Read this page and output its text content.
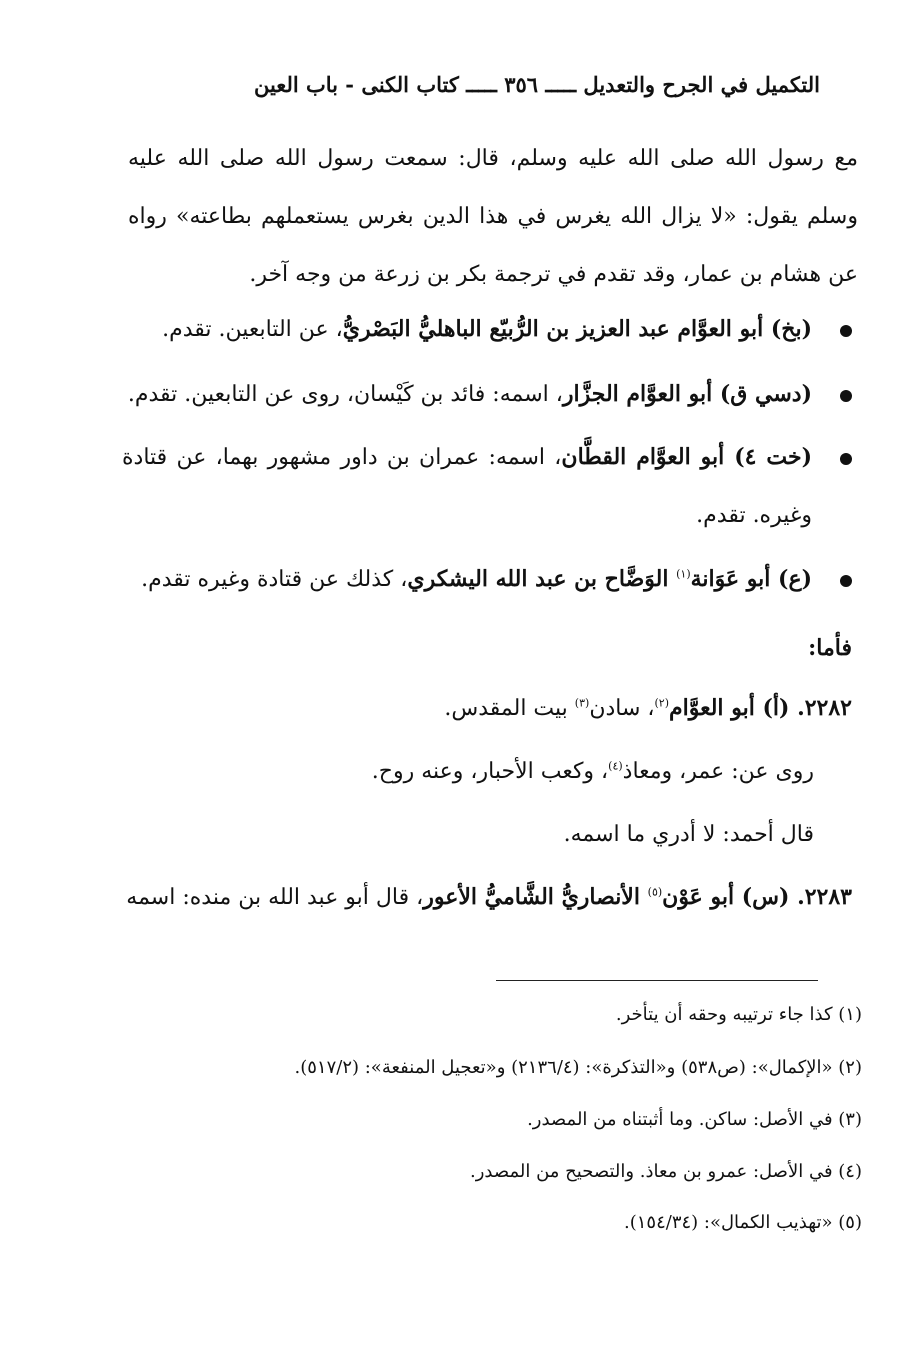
التكميل في الجرح والتعديل ـــــ ٣٥٦ ـــــ كتاب الكنى - باب العين
مع رسول الله صلى الله عليه وسلم، قال: سمعت رسول الله صلى الله عليه وسلم يقول: «لا يزال الله يغرس في هذا الدين بغرس يستعملهم بطاعته» رواه عن هشام بن عمار، وقد تقدم في ترجمة بكر بن زرعة من وجه آخر.
(بخ) أبو العوَّام عبد العزيز بن الرُّبيّع الباهليُّ البَصْريُّ، عن التابعين. تقدم.
(دسي ق) أبو العوَّام الجزَّار، اسمه: فائد بن كَيْسان، روى عن التابعين. تقدم.
(خت ٤) أبو العوَّام القطَّان، اسمه: عمران بن داور مشهور بهما، عن قتادة وغيره. تقدم.
(ع) أبو عَوَانة$^{(١)}$ الوَضَّاح بن عبد الله اليشكري، كذلك عن قتادة وغيره تقدم.
فأما:
٢٢٨٢. (أ) أبو العوَّام$^{(٢)}$، سادن$^{(٣)}$ بيت المقدس.
روى عن: عمر، ومعاذ$^{(٤)}$، وكعب الأحبار، وعنه روح.
قال أحمد: لا أدري ما اسمه.
٢٢٨٣. (س) أبو عَوْن$^{(٥)}$ الأنصاريُّ الشَّاميُّ الأعور، قال أبو عبد الله بن منده: اسمه
(١) كذا جاء ترتيبه وحقه أن يتأخر.
(٢) «الإكمال»: (ص٥٣٨) و«التذكرة»: (٢١٣٦/٤) و«تعجيل المنفعة»: (٥١٧/٢).
(٣) في الأصل: ساكن. وما أثبتناه من المصدر.
(٤) في الأصل: عمرو بن معاذ. والتصحيح من المصدر.
(٥) «تهذيب الكمال»: (١٥٤/٣٤).
